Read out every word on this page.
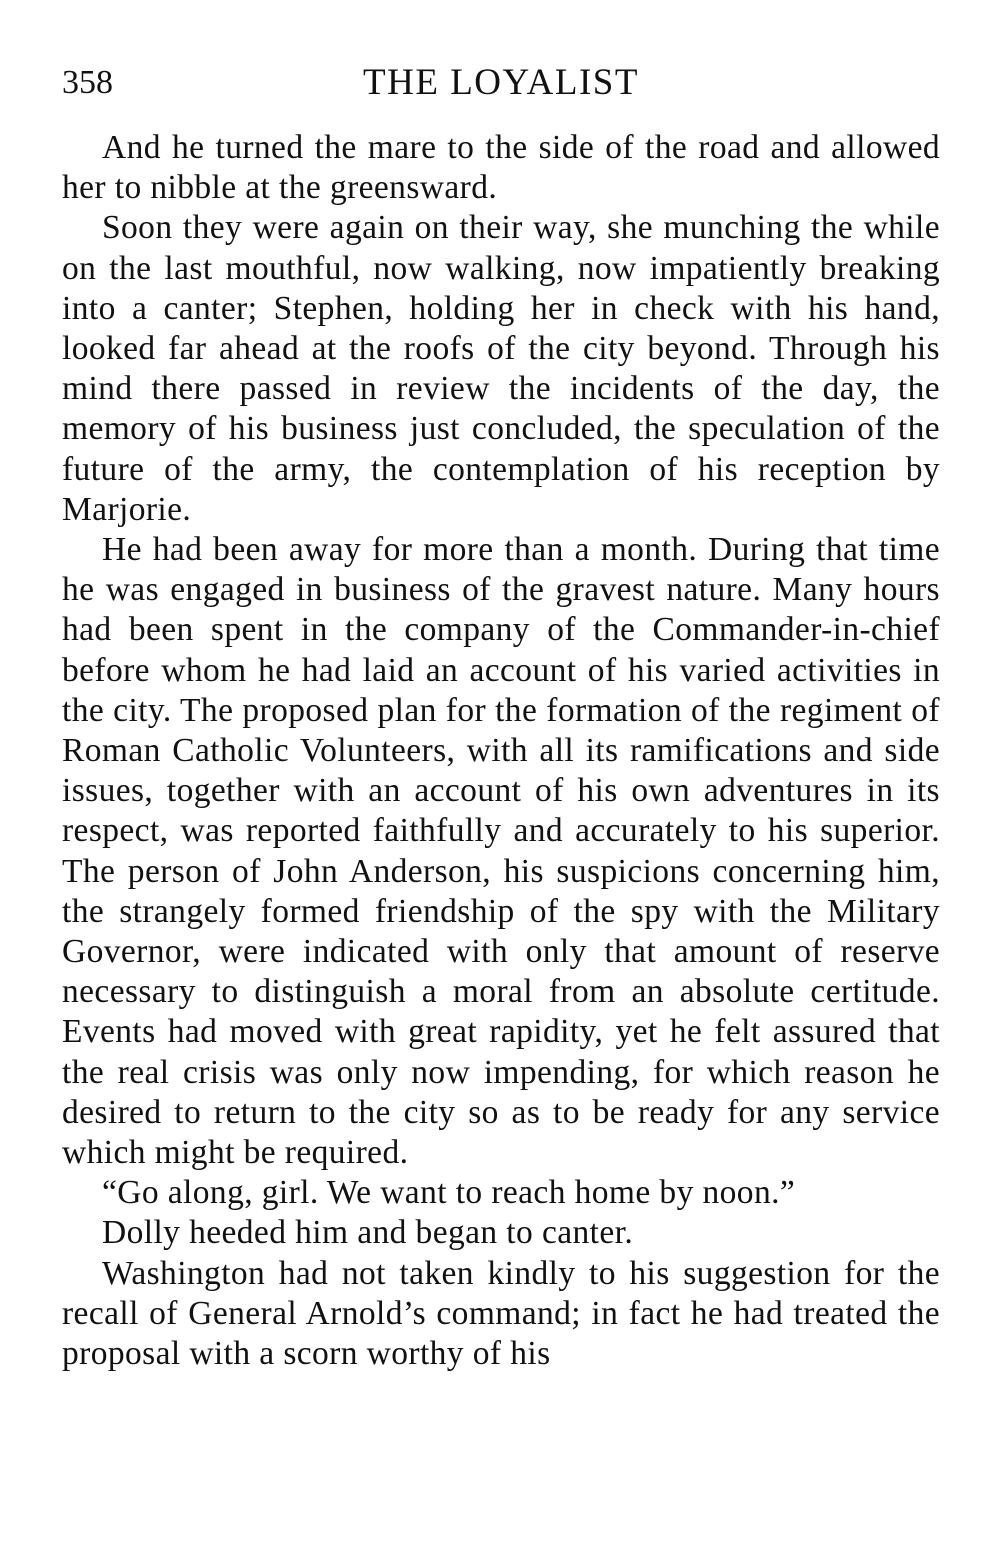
358	THE LOYALIST

And he turned the mare to the side of the road and allowed her to nibble at the greensward.

Soon they were again on their way, she munching the while on the last mouthful, now walking, now impatiently breaking into a canter; Stephen, holding her in check with his hand, looked far ahead at the roofs of the city beyond. Through his mind there passed in review the incidents of the day, the memory of his business just concluded, the speculation of the future of the army, the contemplation of his reception by Marjorie.

He had been away for more than a month. During that time he was engaged in business of the gravest nature. Many hours had been spent in the company of the Commander-in-chief before whom he had laid an account of his varied activities in the city. The proposed plan for the formation of the regiment of Roman Catholic Volunteers, with all its ramifications and side issues, together with an account of his own adventures in its respect, was reported faithfully and accurately to his superior. The person of John Anderson, his suspicions concerning him, the strangely formed friendship of the spy with the Military Governor, were indicated with only that amount of reserve necessary to distinguish a moral from an absolute certitude. Events had moved with great rapidity, yet he felt assured that the real crisis was only now impending, for which reason he desired to return to the city so as to be ready for any service which might be required.

“Go along, girl. We want to reach home by noon.”

Dolly heeded him and began to canter.

Washington had not taken kindly to his suggestion for the recall of General Arnold’s command; in fact he had treated the proposal with a scorn worthy of his
